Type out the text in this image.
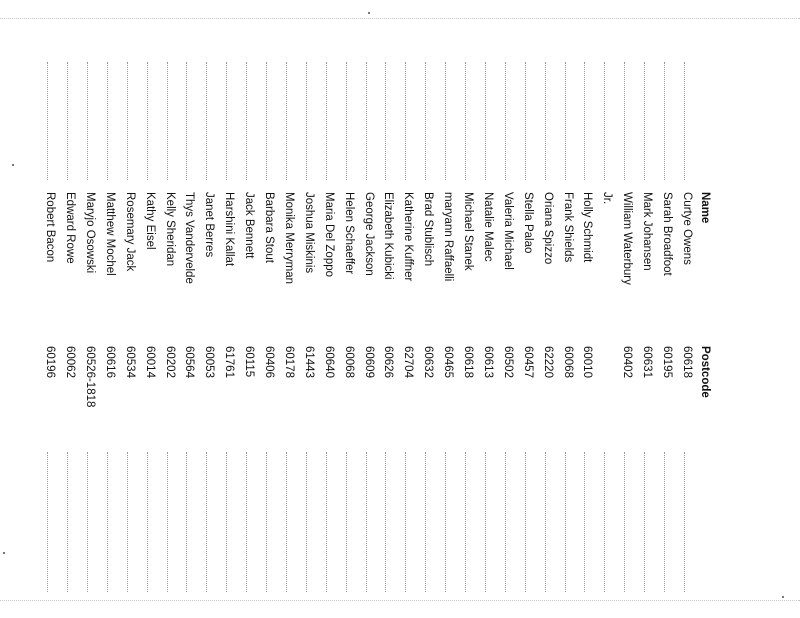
Name
Postcode
Curtye Owens
60618
Sarah Broadfoot
60195
Mark Johansen
60631
William Waterbury
60402
Jr.
Holly Schmidt
60010
Frank Shields
60068
Oriana Spizzo
62220
Stella Palao
60457
Valeria Michael
60502
Natalie Malec
60613
Michael Stanek
60618
maryann Raffaelli
60465
Brad Stublisch
60632
Katherine Kuffner
62704
Elizabeth Kubicki
60626
George Jackson
60609
Helen Schaeffer
60068
Maria Del Zoppo
60640
Joshua Miskinis
61443
Monika Merryman
60178
Barbara Stout
60406
Jack Bennett
60115
Harshini Kallat
61761
Janet Berres
60053
Thys Vandervelde
60564
Kelly Sheridan
60202
Kathy Eisel
60014
Rosemary Jack
60534
Matthew Mochel
60616
Maryjo Osowski
60526-1818
Edward Rowe
60062
Robert Bacon
60196
